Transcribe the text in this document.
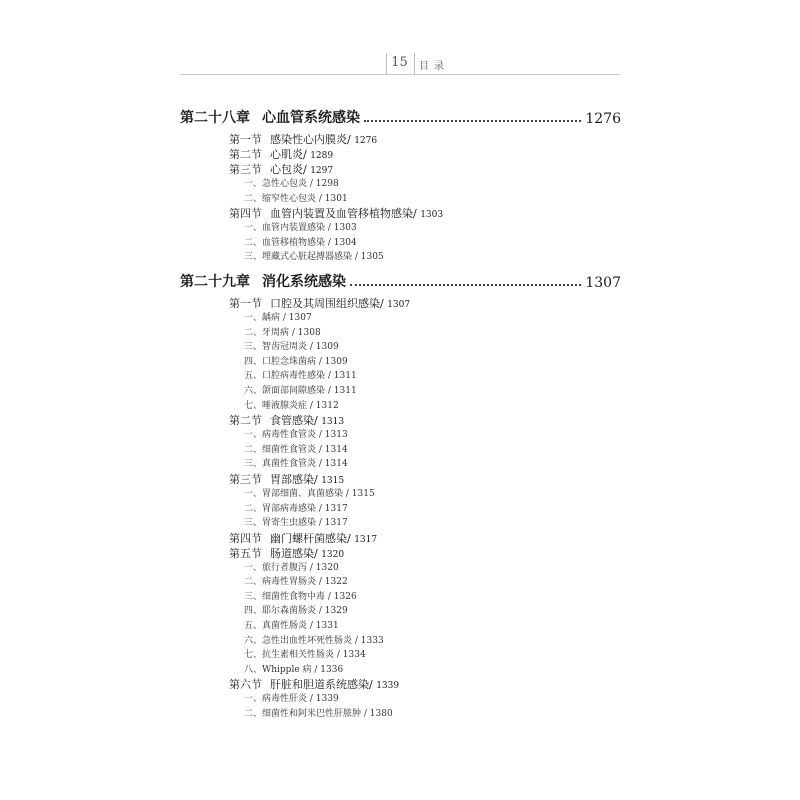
15	目录
第二十八章 心血管系统感染	1276
第一节 感染性心内膜炎/ 1276
第二节 心肌炎/ 1289
第三节 心包炎/ 1297
一、急性心包炎 / 1298
二、缩窄性心包炎 / 1301
第四节 血管内装置及血管移植物感染/ 1303
一、血管内装置感染 / 1303
二、血管移植物感染 / 1304
三、埋藏式心脏起搏器感染 / 1305
第二十九章 消化系统感染	1307
第一节 口腔及其周围组织感染/ 1307
一、龋病 / 1307
二、牙周病 / 1308
三、智齿冠周炎 / 1309
四、口腔念珠菌病 / 1309
五、口腔病毒性感染 / 1311
六、颌面部间隙感染 / 1311
七、唾液腺炎症 / 1312
第二节 食管感染/ 1313
一、病毒性食管炎 / 1313
二、细菌性食管炎 / 1314
三、真菌性食管炎 / 1314
第三节 胃部感染/ 1315
一、胃部细菌、真菌感染 / 1315
二、胃部病毒感染 / 1317
三、胃寄生虫感染 / 1317
第四节 幽门螺杆菌感染/ 1317
第五节 肠道感染/ 1320
一、旅行者腹泻 / 1320
二、病毒性胃肠炎 / 1322
三、细菌性食物中毒 / 1326
四、耶尔森菌肠炎 / 1329
五、真菌性肠炎 / 1331
六、急性出血性坏死性肠炎 / 1333
七、抗生素相关性肠炎 / 1334
八、Whipple 病 / 1336
第六节 肝脏和胆道系统感染/ 1339
一、病毒性肝炎 / 1339
二、细菌性和阿米巴性肝脓肿 / 1380
